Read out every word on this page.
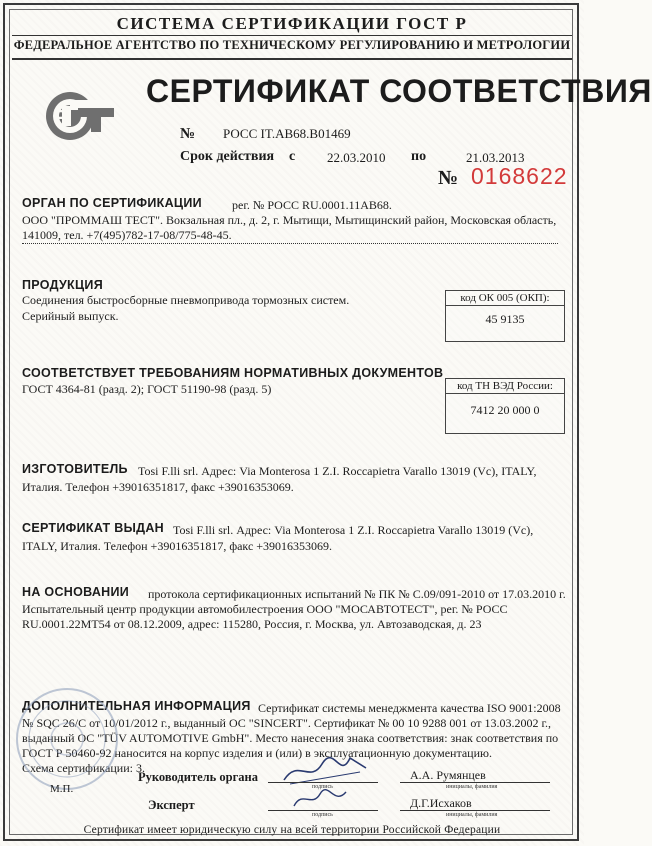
СИСТЕМА СЕРТИФИКАЦИИ ГОСТ Р
ФЕДЕРАЛЬНОЕ АГЕНТСТВО ПО ТЕХНИЧЕСКОМУ РЕГУЛИРОВАНИЮ И МЕТРОЛОГИИ
P
СЕРТИФИКАТ СООТВЕТСТВИЯ
№ РОСС IT.АВ68.В01469
Срок действия с 22.03.2010 по	21.03.2013
№ 0168622
ОРГАН ПО СЕРТИФИКАЦИИ	рег. № РОСС RU.0001.11АВ68.
ООО "ПРОММАШ ТЕСТ". Вокзальная пл., д. 2, г. Мытищи, Мытищинский район, Московская область,
141009, тел. +7(495)782-17-08/775-48-45.
ПРОДУКЦИЯ
Соединения быстросборные пневмопривода тормозных систем.
Серийный выпуск.
код ОК 005 (ОКП):
45 9135
СООТВЕТСТВУЕТ ТРЕБОВАНИЯМ НОРМАТИВНЫХ ДОКУМЕНТОВ
ГОСТ 4364-81 (разд. 2); ГОСТ 51190-98 (разд. 5)	код ТН ВЭД России:
7412 20 000 0
ИЗГОТОВИТЕЛЬ Tosi F.lli srl. Адрес: Via Monterosa 1 Z.I. Roccapietra Varallo 13019 (Vc), ITALY,
Италия. Телефон +39016351817, факс +39016353069.
СЕРТИФИКАТ ВЫДАН Tosi F.lli srl. Адрес: Via Monterosa 1 Z.I. Roccapietra Varallo 13019 (Vc),
ITALY, Италия. Телефон +39016351817, факс +39016353069.
НА ОСНОВАНИИ протокола сертификационных испытаний № ПК № С.09/091-2010 от 17.03.2010 г.
Испытательный центр продукции автомобилестроения ООО "МОСАВТОТЕСТ", рег. № РОСС
RU.0001.22МТ54 от 08.12.2009, адрес: 115280, Россия, г. Москва, ул. Автозаводская, д. 23
ДОПОЛНИТЕЛЬНАЯ ИНФОРМАЦИЯ Сертификат системы менеджмента качества ISO 9001:2008
№ SQC 26/C от 10/01/2012 г., выданный ОС "SINCERT". Сертификат № 00 10 9288 001 от 13.03.2002 г.,
выданный ОС "TÜV AUTOMOTIVE GmbH". Место нанесения знака соответствия: знак соответствия по
ГОСТ Р 50460-92 наносится на корпус изделия и (или) в эксплуатационную документацию.
Схема сертификации: 3.
М.П.
Руководитель органа
подпись
А.А. Румянцев
инициалы, фамилия
Эксперт
подпись
Д.Г.Исхаков
инициалы, фамилия
Сертификат имеет юридическую силу на всей территории Российской Федерации
